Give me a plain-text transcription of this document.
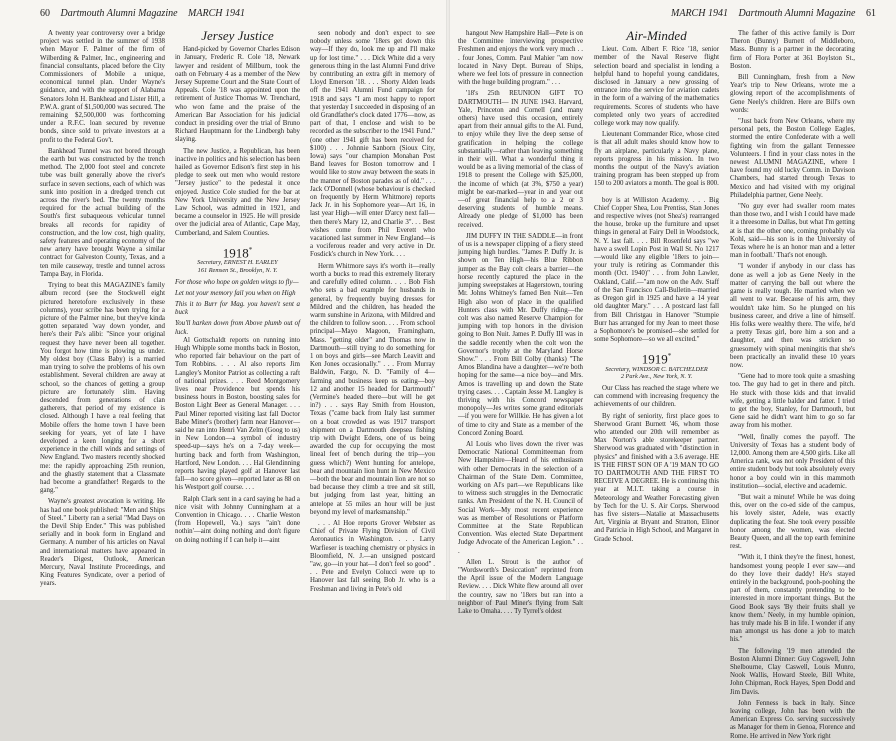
60 Dartmouth Alumni Magazine MARCH 1941

A twenty year controversy over a bridge project was settled in the summer of 1938 when Mayor F. Palmer of the firm of Wilberding & Palmer, Inc., engineering and financial consultants, placed before the City Commissioners of Mobile a unique, economical tunnel plan. Under Wayne's guidance, and with the support of Alabama Senators John H. Bankhead and Lister Hill, a P.W.A. grant of $1,500,000 was secured. The remaining $2,500,000 was forthcoming under a R.F.C. loan secured by revenue bonds, since sold to private investors at a profit to the Federal Gov't.

Bankhead Tunnel was not bored through the earth but was constructed by the trench method. The 2,000 foot steel and concrete tube was built generally above the river's surface in seven sections, each of which was sunk into position in a dredged trench cut across the river's bed. The twenty months required for the actual building of the South's first subaqueous vehicular tunnel breaks all records for rapidity of construction, and the low cost, high quality, safety features and operating economy of the new artery have brought Wayne a similar contract for Galveston County, Texas, and a ten mile causeway, trestle and tunnel across Tampa Bay, in Florida.

Trying to beat this MAGAZINE's family album record (see the Stockwell eight pictured heretofore exclusively in these columns), your scribe has been trying for a picture of the Palmer nine, but they've kinda gotten separated 'way down yonder, and here's their Pa's alibi: "Since your original request they have never been all together. You forgot how time is plowing us under. My oldest boy (Class Baby) is a married man trying to solve the problems of his own establishment. Several children are away at school, so the chances of getting a group picture are fortunately slim. Having descended from generations of clan gatherers, that period of my existence is closed. Although I have a real feeling that Mobile offers the home town I have been seeking for years, yet of late I have developed a keen longing for a short experience in the chill winds and settings of New England. Two masters recently shocked me: the rapidly approaching 25th reunion, and the ghastly statement that a Classmate had become a grandfather! Regards to the gang."

Wayne's greatest avocation is writing. He has had one book published: "Men and Ships of Steel." Liberty ran a serial "Mad Days on the Devil Ship Ender." This was published serially and in book form in England and Germany. A number of his articles on Naval and international matters have appeared in Reader's Digest, Outlook, American Mercury, Naval Institute Proceedings, and King Features Syndicate, over a period of years.

Jersey Justice

Hand-picked by Governor Charles Edison in January, Frederic R. Cole '18, Newark lawyer and resident of Millburn, took the oath on February 4 as a member of the New Jersey Supreme Court and the State Court of Appeals. Cole '18 was appointed upon the retirement of Justice Thomas W. Trenchard, who won fame and the praise of the American Bar Association for his judicial conduct in presiding over the trial of Bruno Richard Hauptmann for the Lindbergh baby slaying.

The new Justice, a Republican, has been inactive in politics and his selection has been hailed as Governor Edison's first step in his pledge to seek out men who would restore "Jersey justice" to the pedestal it once enjoyed. Justice Cole studied for the bar at New York University and the New Jersey Law School, was admitted in 1921, and became a counselor in 1925. He will preside over the judicial area of Atlantic, Cape May, Cumberland, and Salem Counties.

1918*
Secretary, ERNEST H. EARLEY
161 Remsen St., Brooklyn, N. Y.

For those who hope on golden wings to fly—

Let not your memory fail you when on High

This it to Burr for Mag. you haven't sent a buck

You'll harken down from Above plumb out of luck.

Al Gottschaldt reports on running into Hugh Whipple some months back in Boston, who reported fair behaviour on the part of Tom Robbins. . . . Al also reports Jim Langley's Monitor Patriot as collecting a raft of national prizes. . . . Reed Montgomery lives near Providence but spends his business hours in Boston, boosting sales for Boston Light Beer as General Manager. . . . Paul Miner reported visiting last fall Doctor Babe Miner's (brother) farm near Hanover—said he ran into Henri Van Zelm (Goog to us) in New London—a symbol of industry speed-up—says he's on a 7-day week—hurting back and forth from Washington, Hartford, New London. . . . Hal Glendinning reports having played golf at Hanover last fall—no score given—reported later as 88 on his Westport golf course. . . .

Ralph Clark sent in a card saying he had a nice visit with Johnny Cunningham at a Convention in Chicago. . . . Charlie Weston (from Hopewell, Va.) says "ain't done nothin'—aint doing nothing and don't figure on doing nothing if I can help it—aint

seen nobody and don't expect to see nobody unless some '18ers get down this way—If they do, look me up and I'll make up for lost time." . . . Dick White did a very generous thing in the last Alumni Fund drive by contributing an extra gift in memory of Lloyd Emerson '18. . . . Shorty Alden leads off the 1941 Alumni Fund campaign for 1918 and says "I am most happy to report that yesterday I succeeded in disposing of an old Grandfather's clock dated 1776—now, as part of that, I enclose and wish to be recorded as the subscriber to the 1941 Fund." (one other 1941 gift has been received for $100) . . . Johnnie Sanborn (Sioux City, Iowa) says "our champion Monahan Post Band leaves for Boston tomorrow and I would like to stow away between the seats in the manner of Boston parades as of old." . . . Jack O'Donnell (whose behaviour is checked on frequently by Herm Whitmore) reports Jack Jr. in his Sophomore year—Art 16, in last year High—will enter D'arcy next fall—then there's Mary 12, and Charlie 3". . . Best wishes come from Phil Everett who vacationed last summer in New England—is a vociferous reader and very active in Dr. Fosdick's church in New York. . . .

Herm Whitmore says it's worth it—really worth a bucks to read this extremely literary and carefully edited column. . . . Bob Fish who sets a bad example for husbands in general, by frequently buying dresses for Mildred and the children, has headed the warm sunshine in Arizona, with Mildred and the children to follow soon. . . . From school principal—Mayo Magoon, Framingham, Mass. "getting older" and Thomas now in Dartmouth—still trying to do something for 1 on boys and girls—see March Leavitt and Ken Jones occasionally." . . . From Murray Baldwin, Fargo, N. D. "Family of 4—farming and business keep us eating—boy 12 and another 15 headed for Dartmouth" (Vermine's headed there—but will he get in?) . . . says Ray Smith from Houston, Texas ("came back from Italy last summer on a boat crowded as was 1917 transport shipment on a Dartmouth deepsea fishing trip with Dwight Edens, one of us being awarded the cup for occupying the most lineal feet of bench during the trip—you guess which?) Went hunting for antelope, bear and mountain lion hunt in New Mexico—both the bear and mountain lion are not so bad because they climb a tree and sit still, but judging from last year, hitting an antelope at 55 miles an hour will be just beyond my level of marksmanship."

. . . Al Hoe reports Grover Webster as Chief of Private Flying Division of Civil Aeronautics in Washington. . . . Larry Warfieser is teaching chemistry or physics in Bloomfield, N. J.—an unsigned postcard "aw, go—in your hat—I don't feel so good" . . . Pete and Evelyn Colucci were up to Hanover last fall seeing Bob Jr. who is a Freshman and living in Pete's old

MARCH 1941 Dartmouth Alumni Magazine 61

hangout New Hampshire Hall—Pete is on the Committee interviewing prospective Freshmen and enjoys the work very much . . . four Jones, Comm. Paul Mahier "am now located in Navy Dept. Bureau of Ships, where we feel lots of pressure in connection with the huge building program." . . .

'18's 25th REUNION GIFT TO DARTMOUTH— IN JUNE 1943. Harvard, Yale, Princeton and Cornell (and many others) have used this occasion, entirely apart from their annual gifts to the Al. Fund, to enjoy while they live the deep sense of gratification in helping the college substantially—rather than leaving something in their will. What a wonderful thing it would be as a living memorial of the class of 1918 to present the College with $25,000, the income of which (at 3%, $750 a year) might be ear-marked—year in and year out—of great financial help to a 2 or 3 deserving students of humble means. Already one pledge of $1,000 has been received.

JIM DUFFY IN THE SADDLE—in front of us is a newspaper clipping of a fiery steed jumping high hurdles. "James P. Duffy Jr. is shown on Ten High—his Blue Ribbon jumper as the Bay colt clears a barrier—the horse recently captured the place in the jumping sweepstakes at Hagerstown, touring Mr. Johns Whitney's famed Ben Nuit—Ten High also won of place in the qualified Hunters class with Mr. Duffy riding—the colt was also named Reserve Champion for jumping with top honors in the division going to Bon Nuit. James P. Duffy III was in the saddle recently when the colt won the Governor's trophy at the Maryland Horse Show." . . . From Bill Colby (thanks) "The Amos Blandina have a daughter—we're both hoping for the same—a nice boy—and Mrs. Amos is travelling up and down the State trying cases. . . . Captain Jesse M. Langley is thriving with his Concord newspaper monopoly—Jes writes some grand editorials—if you were for Willkie. He has given a lot of time to city and State as a member of the Concord Zoning Board.

Al Louis who lives down the river was Democratic National Committeeman from New Hampshire—Heard of his enthusiasm with other Democrats in the selection of a Chairman of the State Dem. Committee, working on Al's part—we Republicans like to witness such struggles in the Democratic ranks. Am President of the N. H. Council of Social Work—My most recent experience was as member of Resolutions or Platform Committee at the State Republican Convention. Was elected State Department Judge Advocate of the American Legion." . . .

Allen L. Strout is the author of "Wordsworth's Desiccation" reprinted from the April issue of the Modern Language Review. . . . Dick White flew around all over the country, saw no '18ers but ran into a neighbor of Paul Miner's flying from Salt Lake to Omaha. . . . Ty Tyrrel's oldest

Air-Minded

Lieut. Com. Albert F. Rice '18, senior member of the Naval Reserve flight selection board and specialist in lending a helpful hand to hopeful young candidates, disclosed in January a new grossing of entrance into the service for aviation cadets in the form of a waiving of the mathematics requirements. Scores of students who have completed only two years of accredited college work may now qualify.

Lieutenant Commander Rice, whose cited is that all adult males should know how to fly an airplane, particularly a Navy plane, reports progress in his mission. In two months the output of the Navy's aviation training program has been stepped up from 150 to 200 aviators a month. The goal is 800.

boy is at Williston Academy. . . . Big Chief Copper Shea, Lou Prentiss, Stan Jones and respective wives (not Shea's) rearranged the house, broke up the furniture and upset things in general at Fairy Dell in Woodstock, N. Y. last fall. . . . Bill Rosenfeld says "we have a swell Lopin Post in Wall St. No 1217—would like any eligible '18ers to join—your truly is retiring as Commander this month (Oct. 1940)" . . . from John Lawler, Oakland, Calif.—"am now on the Adv. Staff of the San Francisco Call-Bulletin—married as Oregon girl in 1925 and have a 14 year old daughter Mary." . . . A postcard last fall from Bill Christgau in Hanover "Stumpie Burr has arranged for my Jean to meet those a Sophomore's be promised—she settled for some Sophomore—so we all excited."

1919*
Secretary, WINDSOR C. BATCHELDER
2 Park Ave., New York, N. Y.

Our Class has reached the stage where we can commend with increasing frequency the achievements of our children.

By right of seniority, first place goes to Sherwood Grant Burnett '46, whom those who attended our 20th will remember as Max Norton's able storekeeper partner. Sherwood was graduated with "distinction in physics" and finished with a 3.6 average. HE IS THE FIRST SON OF A '19 MAN TO GO TO DARTMOUTH AND THE FIRST TO RECEIVE A DEGREE. He is continuing this year at M.I.T. taking a course in Meteorology and Weather Forecasting given by Tech for the U. S. Air Corps. Sherwood has five sisters—Natalie at Massachusetts Art, Virginia at Bryant and Stratton, Elinor and Patricia in High School, and Margaret in Grade School.

The father of this active family is Dorr Theron (Bunny) Burnett of Middleboro, Mass. Bunny is a partner in the decorating firm of Flora Porter at 361 Boylston St., Boston.

Bill Cunningham, fresh from a New Year's trip to New Orleans, wrote me a glowing report of the accomplishments of Gene Neely's children. Here are Bill's own words:

"Just back from New Orleans, where my personal pets, the Boston College Eagles, stormed the entire Confederate with a well fighting win from the gallant Tennessee Volunteers. I find in your class notes in the newest ALUMNI MAGAZINE, where I have found my old lucky Comm. in Davison Chambers, had started through Texas to Mexico and had visited with my original Philadelphia partner, Gene Neely.

"No guy ever had swaller room mates than those two, and I wish I could have made it a threesome in Dallas, but what I'm getting at is that the other one, coming probably via Kohl, said—his son is in the University of Texas where he is an honor man and a letter man in football.' That's not enough.

"I wonder if anybody in our class has done as well a job as Gene Neely in the matter of carrying the ball out where the game is really tough. He married when we all went to war. Because of his arm, they wouldn't take him. So he plunged on his business career, and drive a line of himself. His folks were wealthy there. The wife, he'd a pretty Texas girl, bore him a son and a daughter, and then was stricken so gruesomely with spinal meningitis that she's been practically an invalid these 10 years now.

"Gene had to more took quite a smashing too. The guy had to get in there and pitch. He stuck with those kids and that invalid wife, getting a little balder and fatter. I tried to get the boy, Stanley, for Dartmouth, but Gene said he didn't want him to go so far away from his mother.

"Well, finally comes the payoff. The University of Texas has a student body of 12,000. Among them are 4,500 girls. Like all America rank, was not only President of this entire student body but took absolutely every honor a boy could win in this mammoth institution—social, elective and academic.

"But wait a minute! While he was doing this, over on the co-ed side of the campus, his lovely sister, Adele, was exactly duplicating the feat. She took every possible honor among the women, was elected Beauty Queen, and all the top earth feminine rest.

"With it, I think they're the finest, honest, handsomest young people I ever saw—and do they love their daddy! He's stayed entirely in the background, pooh-poohing the part of them, constantly pretending to be interested in more important things. But the Good Book says 'By their fruits shall ye know them.' Neely, in my humble opinion, has truly made his B in life. I wonder if any man amongst us has done a job to match his."

The following '19 men attended the Boston Alumni Dinner: Guy Cogswell, John Shelbourne, Clay Caswell, Louis Munro, Nook Wallis, Howard Steele, Bill White, John Chipman, Rock Hayes, Spen Dodd and Jim Davis.

John Fenness is back in Italy. Since leaving college, John has been with the American Express Co. serving successively as Manager for them in Genoa, Florence and Rome. He arrived in New York right
